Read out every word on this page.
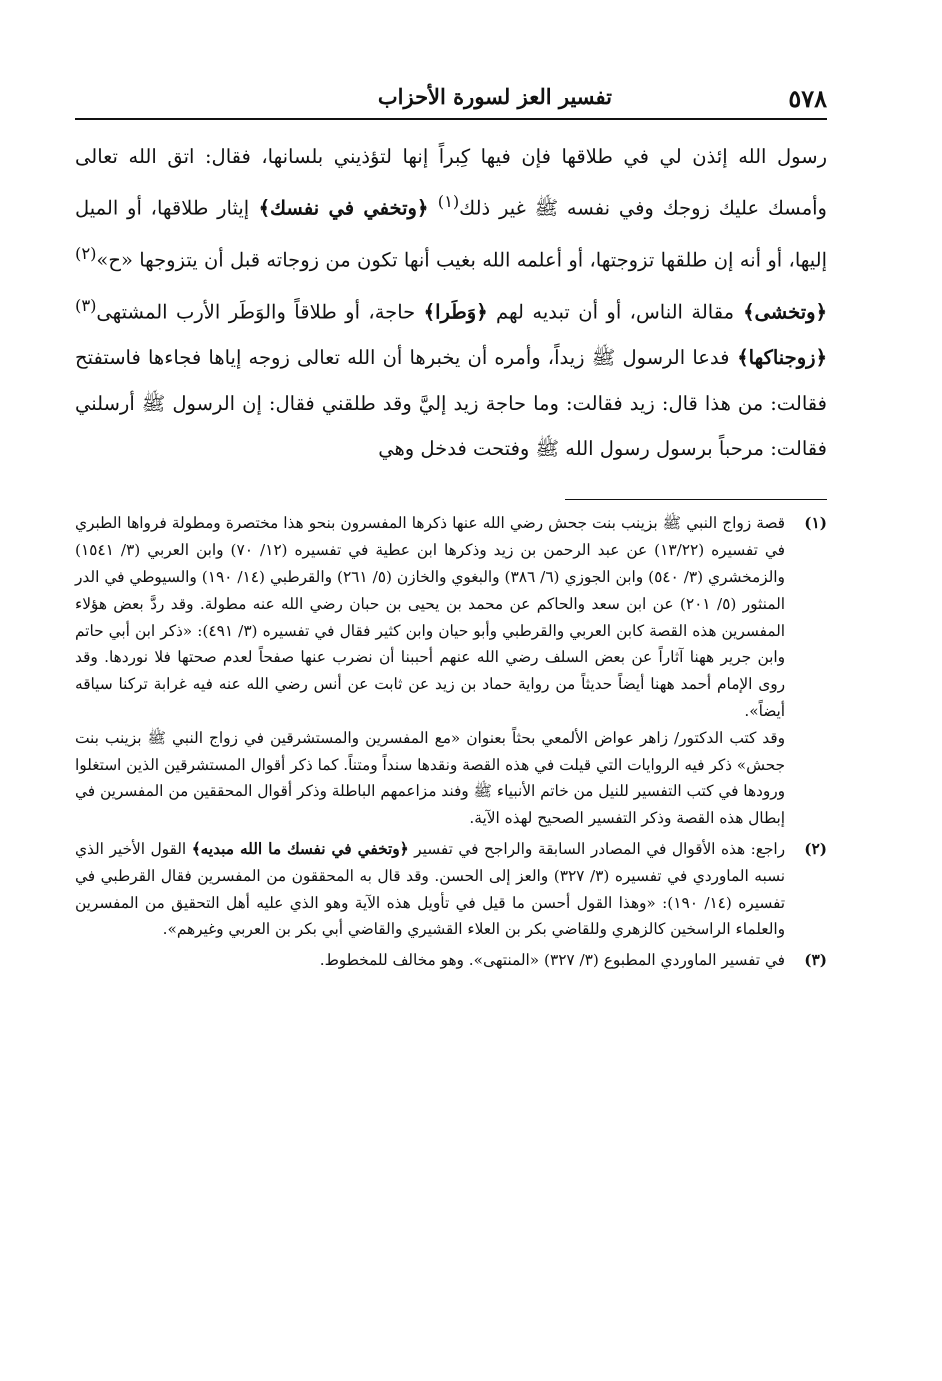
٥٧٨
تفسير العز لسورة الأحزاب

رسول الله إئذن لي في طلاقها فإن فيها كِبراً إنها لتؤذيني بلسانها، فقال: اتق الله تعالى وأمسك عليك زوجك وفي نفسه ﷺ غير ذلك$^{(١)}$ ﴿وتخفي في نفسك﴾ إيثار طلاقها، أو الميل إليها، أو أنه إن طلقها تزوجتها، أو أعلمه الله بغيب أنها تكون من زوجاته قبل أن يتزوجها «ح»$^{(٢)}$ ﴿وتخشى﴾ مقالة الناس، أو أن تبديه لهم ﴿وَطَرا﴾ حاجة، أو طلاقاً والوَطَر الأرب المشتهى$^{(٣)}$ ﴿زوجناكها﴾ فدعا الرسول ﷺ زيداً، وأمره أن يخبرها أن الله تعالى زوجه إياها فجاءها فاستفتح فقالت: من هذا قال: زيد فقالت: وما حاجة زيد إليَّ وقد طلقني فقال: إن الرسول ﷺ أرسلني فقالت: مرحباً برسول رسول الله ﷺ وفتحت فدخل وهي

(١)

قصة زواج النبي ﷺ بزينب بنت جحش رضي الله عنها ذكرها المفسرون بنحو هذا مختصرة ومطولة فرواها الطبري في تفسيره (١٣/٢٢) عن عبد الرحمن بن زيد وذكرها ابن عطية في تفسيره (١٢/ ٧٠) وابن العربي (٣/ ١٥٤١) والزمخشري (٣/ ٥٤٠) وابن الجوزي (٦/ ٣٨٦) والبغوي والخازن (٥/ ٢٦١) والقرطبي (١٤/ ١٩٠) والسيوطي في الدر المنثور (٥/ ٢٠١) عن ابن سعد والحاكم عن محمد بن يحيى بن حبان رضي الله عنه مطولة. وقد ردَّ بعض هؤلاء المفسرين هذه القصة كابن العربي والقرطبي وأبو حيان وابن كثير فقال في تفسيره (٣/ ٤٩١): «ذكر ابن أبي حاتم وابن جرير ههنا آثاراً عن بعض السلف رضي الله عنهم أحببنا أن نضرب عنها صفحاً لعدم صحتها فلا نوردها. وقد روى الإمام أحمد ههنا أيضاً حديثاً من رواية حماد بن زيد عن ثابت عن أنس رضي الله عنه فيه غرابة تركنا سياقه أيضاً».

وقد كتب الدكتور/ زاهر عواض الألمعي بحثاً بعنوان «مع المفسرين والمستشرقين في زواج النبي ﷺ بزينب بنت جحش» ذكر فيه الروايات التي قيلت في هذه القصة ونقدها سنداً ومتناً. كما ذكر أقوال المستشرقين الذين استغلوا ورودها في كتب التفسير للنيل من خاتم الأنبياء ﷺ وفند مزاعمهم الباطلة وذكر أقوال المحققين من المفسرين في إبطال هذه القصة وذكر التفسير الصحيح لهذه الآية.

(٢)

راجع: هذه الأقوال في المصادر السابقة والراجح في تفسير ﴿وتخفي في نفسك ما الله مبديه﴾ القول الأخير الذي نسبه الماوردي في تفسيره (٣/ ٣٢٧) والعز إلى الحسن. وقد قال به المحققون من المفسرين فقال القرطبي في تفسيره (١٤/ ١٩٠): «وهذا القول أحسن ما قيل في تأويل هذه الآية وهو الذي عليه أهل التحقيق من المفسرين والعلماء الراسخين كالزهري وللقاضي بكر بن العلاء القشيري والقاضي أبي بكر بن العربي وغيرهم».

(٣)

في تفسير الماوردي المطبوع (٣/ ٣٢٧) «المنتهى». وهو مخالف للمخطوط.
